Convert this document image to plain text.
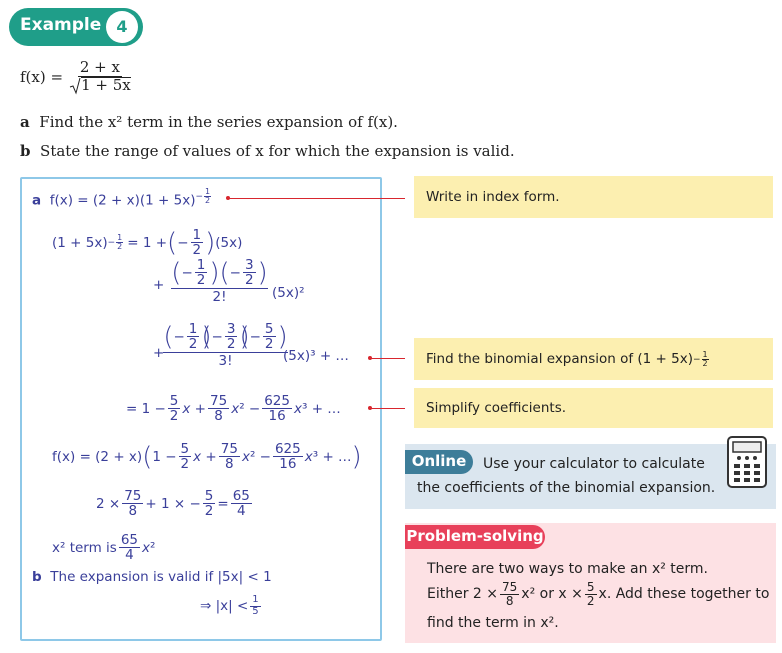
Example 4
$f(x) = \frac{2 + x}{1 + 5x}$
a Find the x² term in the series expansion of f(x).
b State the range of values of x for which the expansion is valid.
a $f(x) = (2 + x)(1 + 5x)^{- \frac{1}{2}}$
$(1 + 5x) - \frac{1}{2} = 1$ + ( − $\frac{1}{2}$ ) (5x)
+ ( − $\frac{1}{2}$ )( − $\frac{3}{2}$ )
2!	(5x)²
+
( − $\frac{1}{2}$ )( − $\frac{3}{2}$ )( − $\frac{5}{2}$ )
3!	(5x)³ + …
= $1 - \frac{5}{2}$ $x + \frac{75}{8}$ x $^2 - \frac{625}{16}$ x ³ + …
f(x) = (2 + x) ( $1 - \frac{5}{2}$ $x + \frac{75}{8}$ x $^2 - \frac{625}{16}$ x ³ + … )
$2 \times \frac{75}{8} + 1$ × − $\frac{5}{2} = \frac{65}{4}$
x² term is $\frac{65}{4}$ x ²
b The expansion is valid if |5x| < 1
⇒ $|x| < \frac{1}{5}$
Write in index form.
Find the binomial expansion of $(1 + 5x) - \frac{1}{2}$
Simplify coefficients.
Online	Use your calculator to calculate
the coefficients of the binomial expansion.
Problem-solving
There are two ways to make an x² term.
Either $2 \times \frac{75}{8} x^2$ or $x \times \frac{5}{2} x$. Add these together to
find the term in x².
